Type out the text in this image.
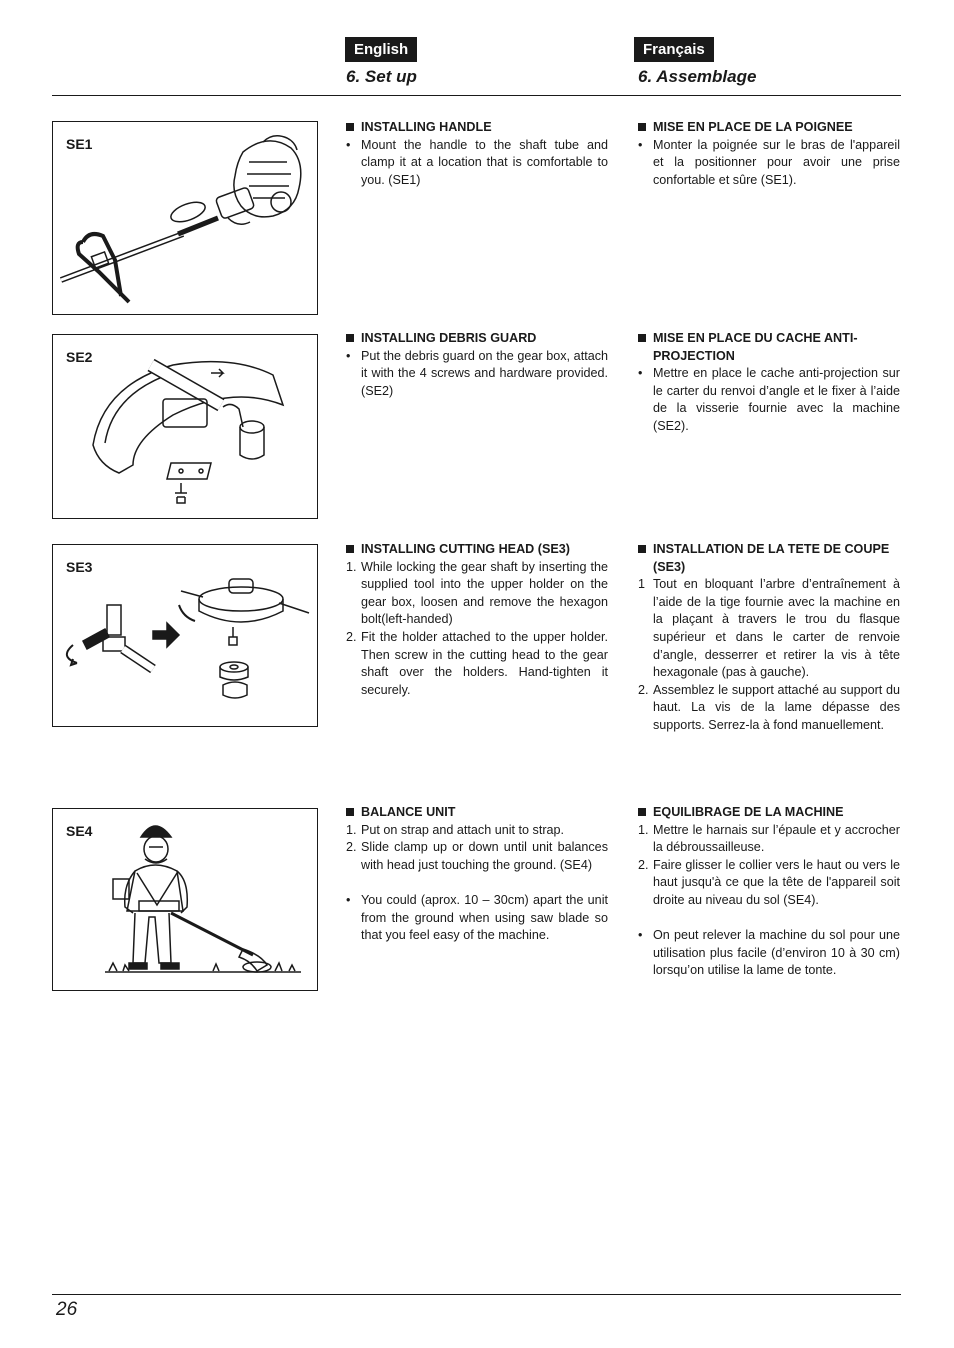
English	Français
6. Set up	6. Assemblage
SE1
SE2
SE3
SE4
INSTALLING HANDLE
• Mount the handle to the shaft tube and clamp it at a location that is comfortable to you. (SE1)
MISE EN PLACE DE LA POIGNEE
• Monter la poignée sur le bras de l'appareil et la positionner pour avoir une prise confortable et sûre (SE1).
INSTALLING DEBRIS GUARD
• Put the debris guard on the gear box, attach it with the 4 screws and hardware provided. (SE2)
MISE EN PLACE DU CACHE ANTI-PROJECTION
• Mettre en place le cache anti-projection sur le carter du renvoi d’angle et le fixer à l’aide de la visserie fournie avec la machine (SE2).
INSTALLING CUTTING HEAD (SE3)
1. While locking the gear shaft by inserting the supplied tool into the upper holder on the gear box, loosen and remove the hexagon bolt(left-handed)
2. Fit the holder attached to the upper holder. Then screw in the cutting head to the gear shaft over the holders. Hand-tighten it securely.
INSTALLATION DE LA TETE DE COUPE (SE3)
1 Tout en bloquant l’arbre d’entraînement à l’aide de la tige fournie avec la machine en la plaçant à travers le trou du flasque supérieur et dans le carter de renvoie d’angle, desserrer et retirer la vis à tête hexagonale (pas à gauche).
2. Assemblez le support attaché au support du haut. La vis de la lame dépasse des supports. Serrez-la à fond manuellement.
BALANCE UNIT
1. Put on strap and attach unit to strap.
2. Slide clamp up or down until unit balances with head just touching the ground. (SE4)
• You could (aprox. 10 – 30cm) apart the unit from the ground when using saw blade so that you feel easy of the machine.
EQUILIBRAGE DE LA MACHINE
1. Mettre le harnais sur l’épaule et y accrocher la débroussailleuse.
2. Faire glisser le collier vers le haut ou vers le haut jusqu'à ce que la tête de l'appareil soit droite au niveau du sol (SE4).
• On peut relever la machine du sol pour une utilisation plus facile (d’environ 10 à 30 cm) lorsqu’on utilise la lame de tonte.
26
